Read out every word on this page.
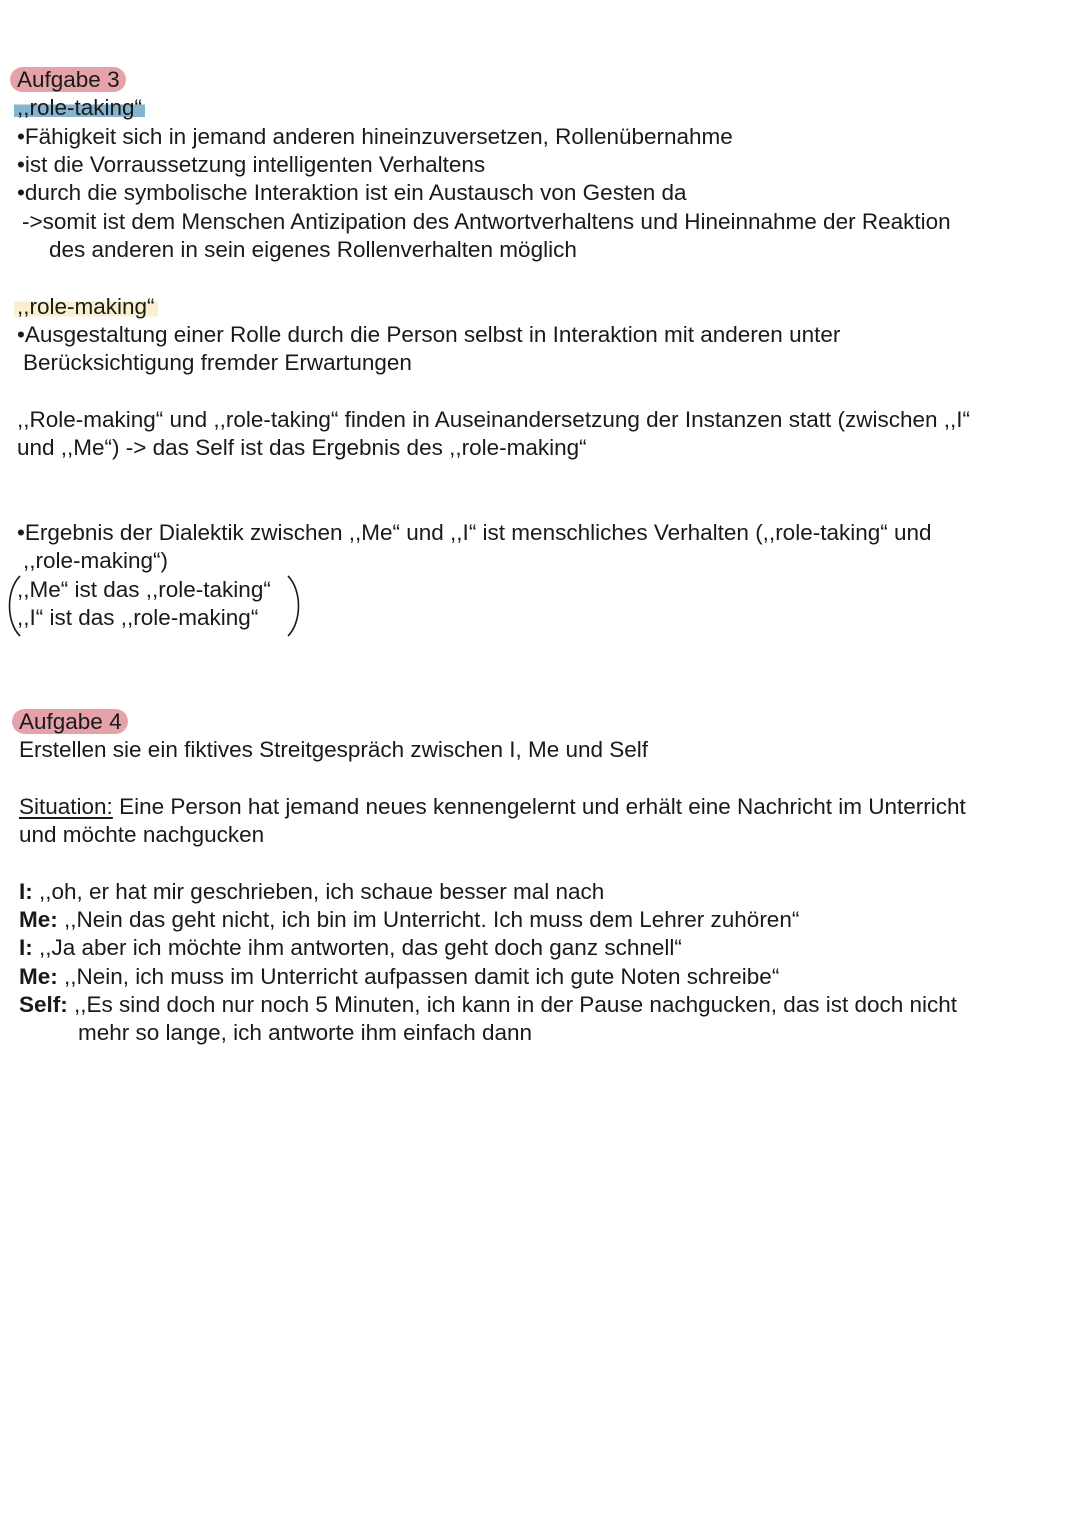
Aufgabe 3
,,role-taking“
•Fähigkeit sich in jemand anderen hineinzuversetzen, Rollenübernahme
•ist die Vorraussetzung intelligenten Verhaltens
•durch die symbolische Interaktion ist ein Austausch von Gesten da
->somit ist dem Menschen Antizipation des Antwortverhaltens und Hineinnahme der Reaktion
des anderen in sein eigenes Rollenverhalten möglich
,,role-making“
•Ausgestaltung einer Rolle durch die Person selbst in Interaktion mit anderen unter
Berücksichtigung fremder Erwartungen
,,Role-making“ und ,,role-taking“ finden in Auseinandersetzung der Instanzen statt (zwischen ,,I“
und ,,Me“) -> das Self ist das Ergebnis des ,,role-making“
•Ergebnis der Dialektik zwischen ,,Me“ und ,,I“ ist menschliches Verhalten (,,role-taking“ und
,,role-making“)
,,Me“ ist das ,,role-taking“
,,I“ ist das ,,role-making“
Aufgabe 4
Erstellen sie ein fiktives Streitgespräch zwischen I, Me und Self
Situation: Eine Person hat jemand neues kennengelernt und erhält eine Nachricht im Unterricht
und möchte nachgucken
I: ,,oh, er hat mir geschrieben, ich schaue besser mal nach
Me: ,,Nein das geht nicht, ich bin im Unterricht. Ich muss dem Lehrer zuhören“
I: ,,Ja aber ich möchte ihm antworten, das geht doch ganz schnell“
Me: ,,Nein, ich muss im Unterricht aufpassen damit ich gute Noten schreibe“
Self: ,,Es sind doch nur noch 5 Minuten, ich kann in der Pause nachgucken, das ist doch nicht
mehr so lange, ich antworte ihm einfach dann
